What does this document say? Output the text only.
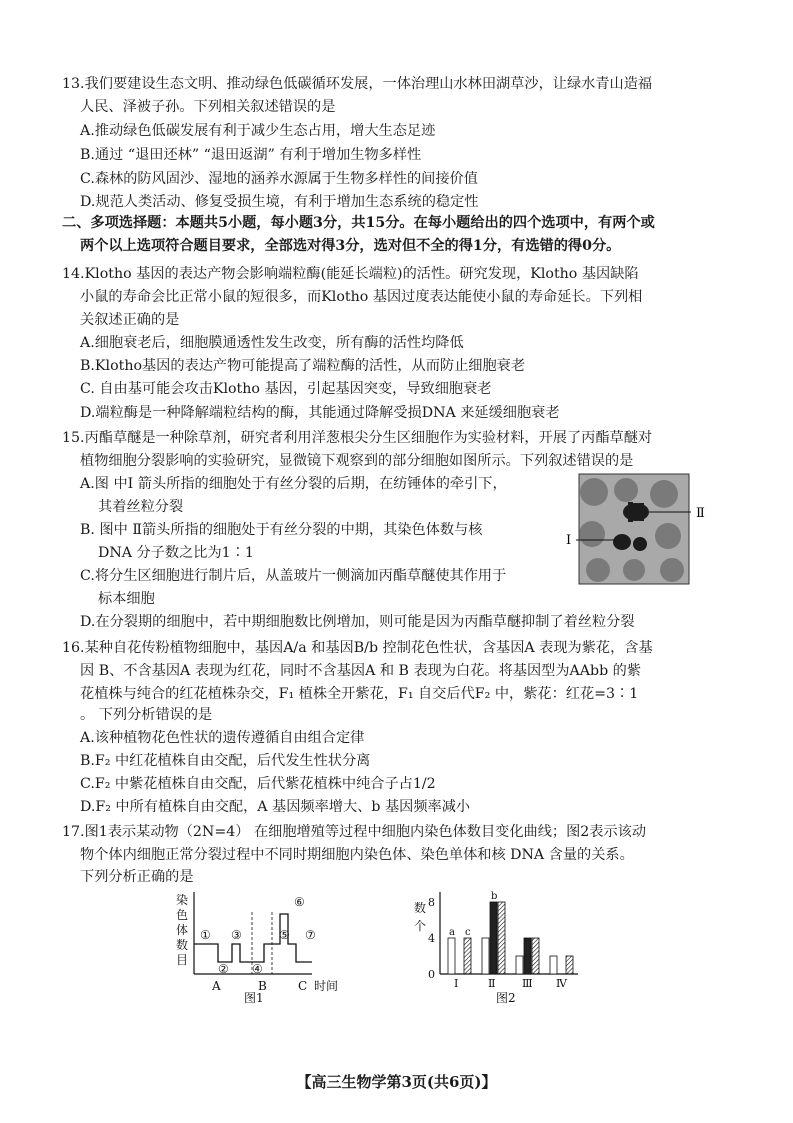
13.我们要建设生态文明、推动绿色低碳循环发展，一体治理山水林田湖草沙，让绿水青山造福
人民、泽被子孙。下列相关叙述错误的是
A.推动绿色低碳发展有利于减少生态占用，增大生态足迹
B.通过 “退田还林” “退田返湖” 有利于增加生物多样性
C.森林的防风固沙、湿地的涵养水源属于生物多样性的间接价值
D.规范人类活动、修复受损生境，有利于增加生态系统的稳定性
二、多项选择题：本题共5小题，每小题3分，共15分。在每小题给出的四个选项中，有两个或
两个以上选项符合题目要求，全部选对得3分，选对但不全的得1分，有选错的得0分。
14.Klotho 基因的表达产物会影响端粒酶(能延长端粒)的活性。研究发现，Klotho 基因缺陷
小鼠的寿命会比正常小鼠的短很多，而Klotho 基因过度表达能使小鼠的寿命延长。下列相
关叙述正确的是
A.细胞衰老后，细胞膜通透性发生改变，所有酶的活性均降低
B.Klotho基因的表达产物可能提高了端粒酶的活性，从而防止细胞衰老
C. 自由基可能会攻击Klotho 基因，引起基因突变，导致细胞衰老
D.端粒酶是一种降解端粒结构的酶，其能通过降解受损DNA 来延缓细胞衰老
15.丙酯草醚是一种除草剂，研究者利用洋葱根尖分生区细胞作为实验材料，开展了丙酯草醚对
植物细胞分裂影响的实验研究，显微镜下观察到的部分细胞如图所示。下列叙述错误的是
A.图 中I 箭头所指的细胞处于有丝分裂的后期，在纺锤体的牵引下，
其着丝粒分裂
B. 图中 Ⅱ箭头所指的细胞处于有丝分裂的中期，其染色体数与核
DNA 分子数之比为1∶1
C.将分生区细胞进行制片后，从盖玻片一侧滴加丙酯草醚使其作用于
标本细胞
D.在分裂期的细胞中，若中期细胞数比例增加，则可能是因为丙酯草醚抑制了着丝粒分裂
Ⅱ
I
16.某种自花传粉植物细胞中，基因A/a 和基因B/b 控制花色性状，含基因A 表现为紫花，含基
因 B、不含基因A 表现为红花，同时不含基因A 和 B 表现为白花。将基因型为AAbb 的紫
花植株与纯合的红花植株杂交，F₁ 植株全开紫花，F₁ 自交后代F₂ 中，紫花：红花=3∶1
。 下列分析错误的是
A.该种植物花色性状的遗传遵循自由组合定律
B.F₂ 中红花植株自由交配，后代发生性状分离
C.F₂ 中紫花植株自由交配，后代紫花植株中纯合子占1/2
D.F₂ 中所有植株自由交配，A 基因频率增大、b 基因频率减小
17.图1表示某动物（2N=4） 在细胞增殖等过程中细胞内染色体数目变化曲线；图2表示该动
物个体内细胞正常分裂过程中不同时期细胞内染色体、染色单体和核 DNA 含量的关系。
下列分析正确的是
染
色
体
数
目
①
②
③
④
⑤
⑥
⑦
A	B	C 时间
图1
数
个
I	Ⅱ Ⅲ Ⅳ
0
4
8
a c
b
图2
【高三生物学第3页(共6页)】
